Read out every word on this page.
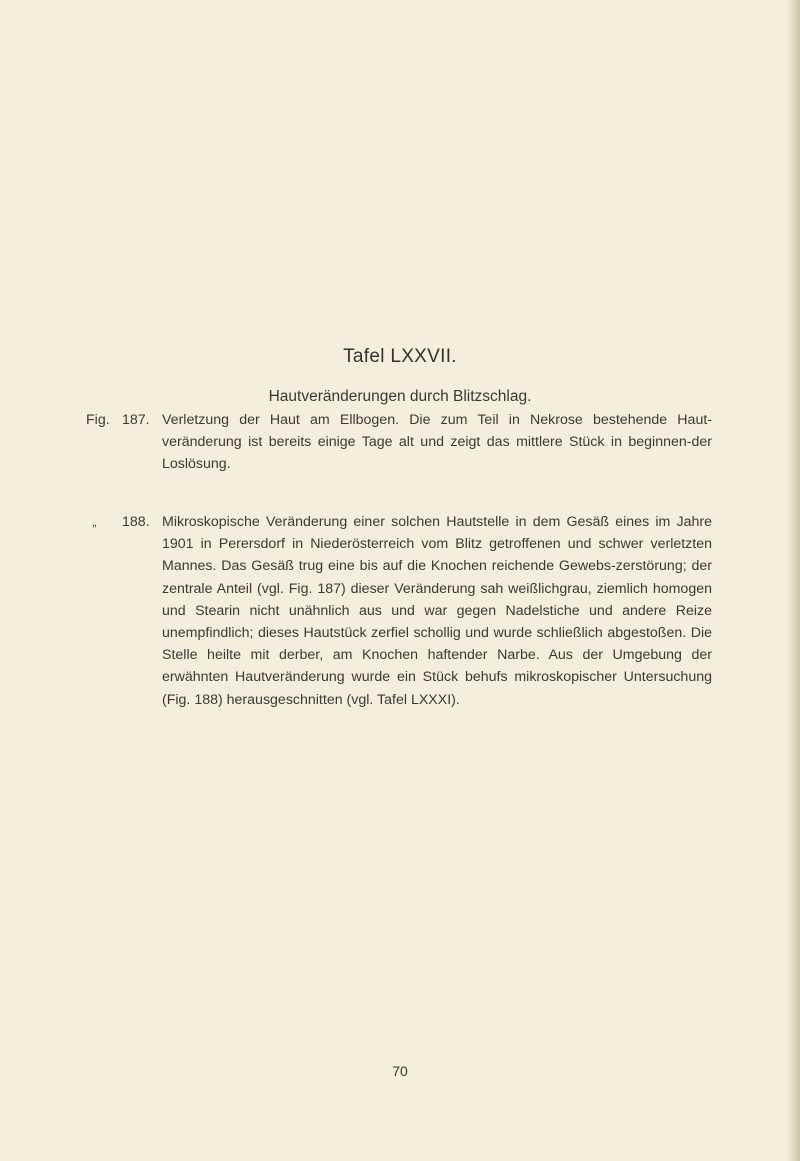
Tafel LXXVII.
Hautveränderungen durch Blitzschlag.
Fig. 187. Verletzung der Haut am Ellbogen. Die zum Teil in Nekrose bestehende Haut-veränderung ist bereits einige Tage alt und zeigt das mittlere Stück in beginnen-der Loslösung.

„ 188. Mikroskopische Veränderung einer solchen Hautstelle in dem Gesäß eines im Jahre 1901 in Perersdorf in Niederösterreich vom Blitz getroffenen und schwer verletzten Mannes. Das Gesäß trug eine bis auf die Knochen reichende Gewebs-zerstörung; der zentrale Anteil (vgl. Fig. 187) dieser Veränderung sah weißlichgrau, ziemlich homogen und Stearin nicht unähnlich aus und war gegen Nadelstiche und andere Reize unempfindlich; dieses Hautstück zerfiel schollig und wurde schließlich abgestoßen. Die Stelle heilte mit derber, am Knochen haftender Narbe. Aus der Umgebung der erwähnten Hautveränderung wurde ein Stück behufs mikroskopischer Untersuchung (Fig. 188) herausgeschnitten (vgl. Tafel LXXXI).

70
